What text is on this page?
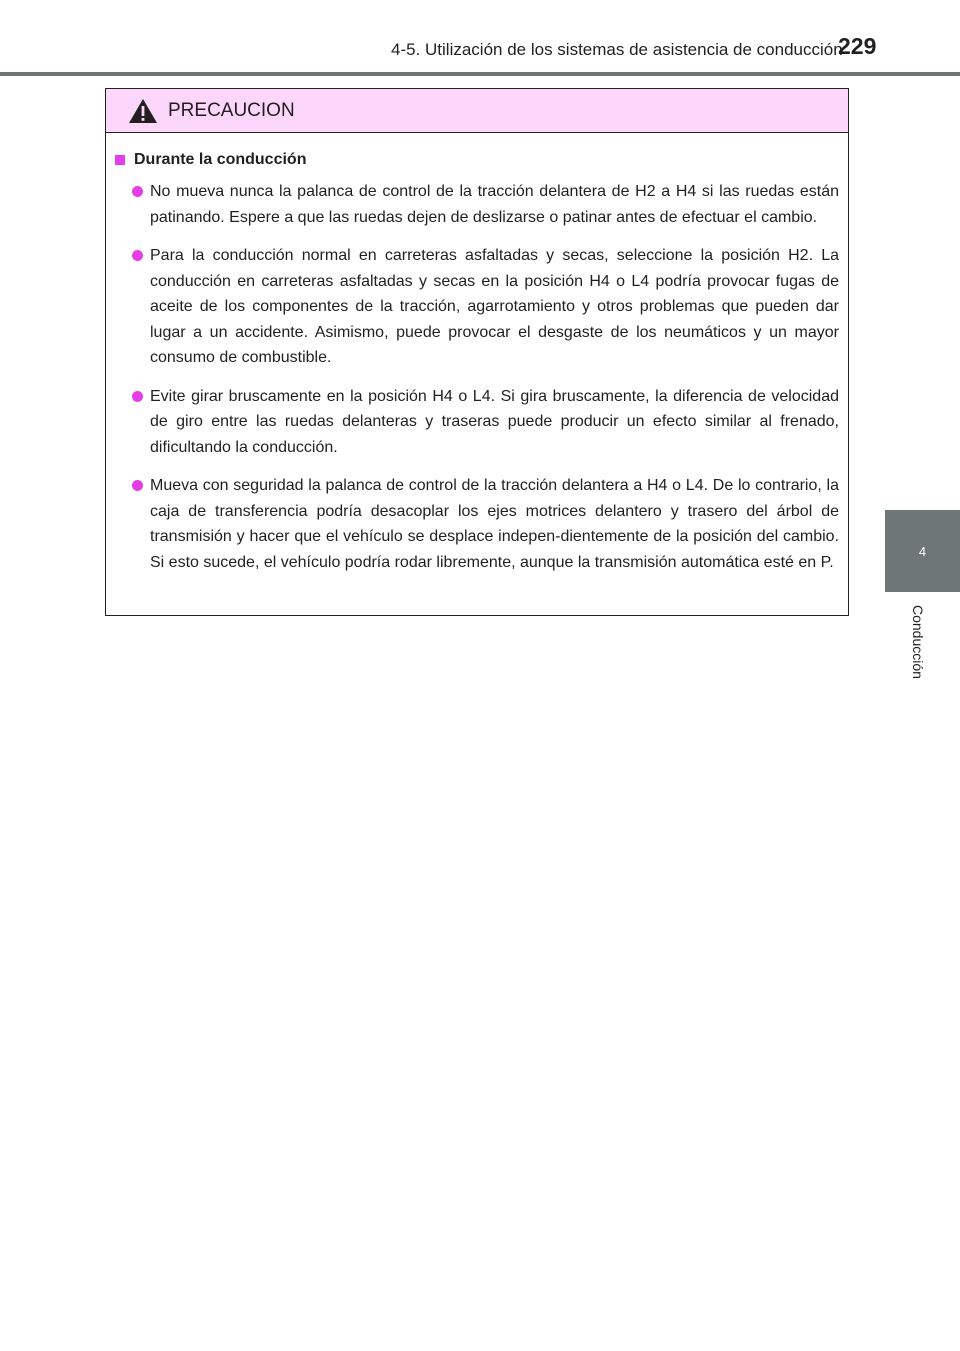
4-5. Utilización de los sistemas de asistencia de conducción
229
4
Conducción
PRECAUCION
Durante la conducción
No mueva nunca la palanca de control de la tracción delantera de H2 a H4 si las ruedas están patinando. Espere a que las ruedas dejen de deslizarse o patinar antes de efectuar el cambio.
Para la conducción normal en carreteras asfaltadas y secas, seleccione la posición H2. La conducción en carreteras asfaltadas y secas en la posición H4 o L4 podría provocar fugas de aceite de los componentes de la tracción, agarrotamiento y otros problemas que pueden dar lugar a un accidente. Asimismo, puede provocar el desgaste de los neumáticos y un mayor consumo de combustible.
Evite girar bruscamente en la posición H4 o L4. Si gira bruscamente, la diferencia de velocidad de giro entre las ruedas delanteras y traseras puede producir un efecto similar al frenado, dificultando la conducción.
Mueva con seguridad la palanca de control de la tracción delantera a H4 o L4. De lo contrario, la caja de transferencia podría desacoplar los ejes motrices delantero y trasero del árbol de transmisión y hacer que el vehículo se desplace indepen-dientemente de la posición del cambio. Si esto sucede, el vehículo podría rodar libremente, aunque la transmisión automática esté en P.
